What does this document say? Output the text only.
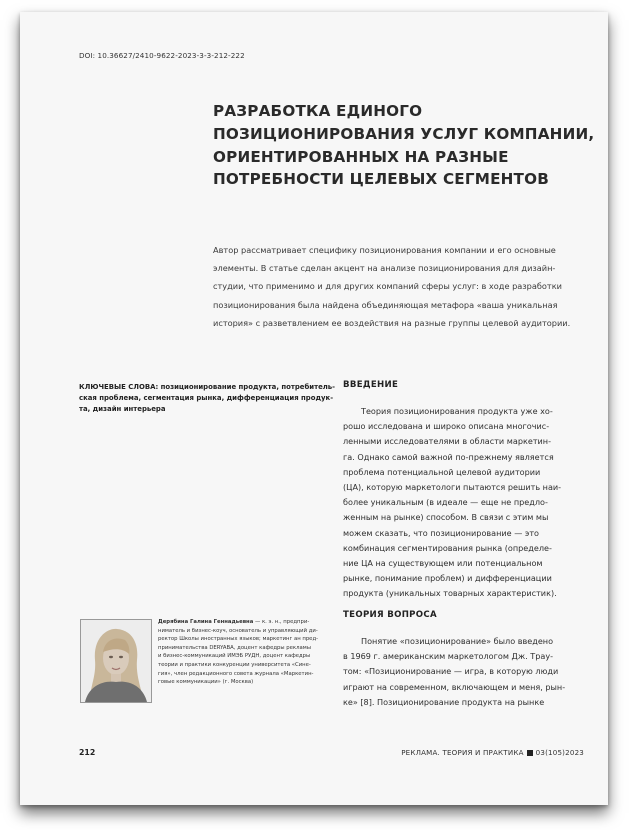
DOI: 10.36627/2410-9622-2023-3-3-212-222
РАЗРАБОТКА ЕДИНОГО
ПОЗИЦИОНИРОВАНИЯ УСЛУГ КОМПАНИИ,
ОРИЕНТИРОВАННЫХ НА РАЗНЫЕ
ПОТРЕБНОСТИ ЦЕЛЕВЫХ СЕГМЕНТОВ
Автор рассматривает специфику позиционирования компании и его основные
элементы. В статье сделан акцент на анализе позиционирования для дизайн-
студии, что применимо и для других компаний сферы услуг: в ходе разработки
позиционирования была найдена объединяющая метафора «ваша уникальная
история» с разветвлением ее воздействия на разные группы целевой аудитории.
КЛЮЧЕВЫЕ СЛОВА: позиционирование продукта, потребитель-
ская проблема, сегментация рынка, дифференциация продук-
та, дизайн интерьера
ВВЕДЕНИЕ
Теория позиционирования продукта уже хо-
рошо исследована и широко описана многочис-
ленными исследователями в области маркетин-
га. Однако самой важной по-прежнему является
проблема потенциальной целевой аудитории
(ЦА), которую маркетологи пытаются решить наи-
более уникальным (в идеале — еще не предло-
женным на рынке) способом. В связи с этим мы
можем сказать, что позиционирование — это
комбинация сегментирования рынка (определе-
ние ЦА на существующем или потенциальном
рынке, понимание проблем) и дифференциации
продукта (уникальных товарных характеристик).
ТЕОРИЯ ВОПРОСА
Понятие «позиционирование» было введено
в 1969 г. американским маркетологом Дж. Трау-
том: «Позиционирование — игра, в которую люди
играют на современном, включающем и меня, рын-
ке» [8]. Позиционирование продукта на рынке
Дерябина Галина Геннадьевна — к. э. н., предпри-
ниматель и бизнес-коуч, основатель и управляющий ди-
ректор Школы иностранных языков; маркетинг ан пред-
принимательства DERYABA, доцент кафедры рекламы
и бизнес-коммуникаций ИМЭБ РУДН, доцент кафедры
теории и практики конкуренции университета «Сине-
гия», член редакционного совета журнала «Маркетин-
говые коммуникации» (г. Москва)
212	РЕКЛАМА. ТЕОРИЯ И ПРАКТИКА 03(105)2023
